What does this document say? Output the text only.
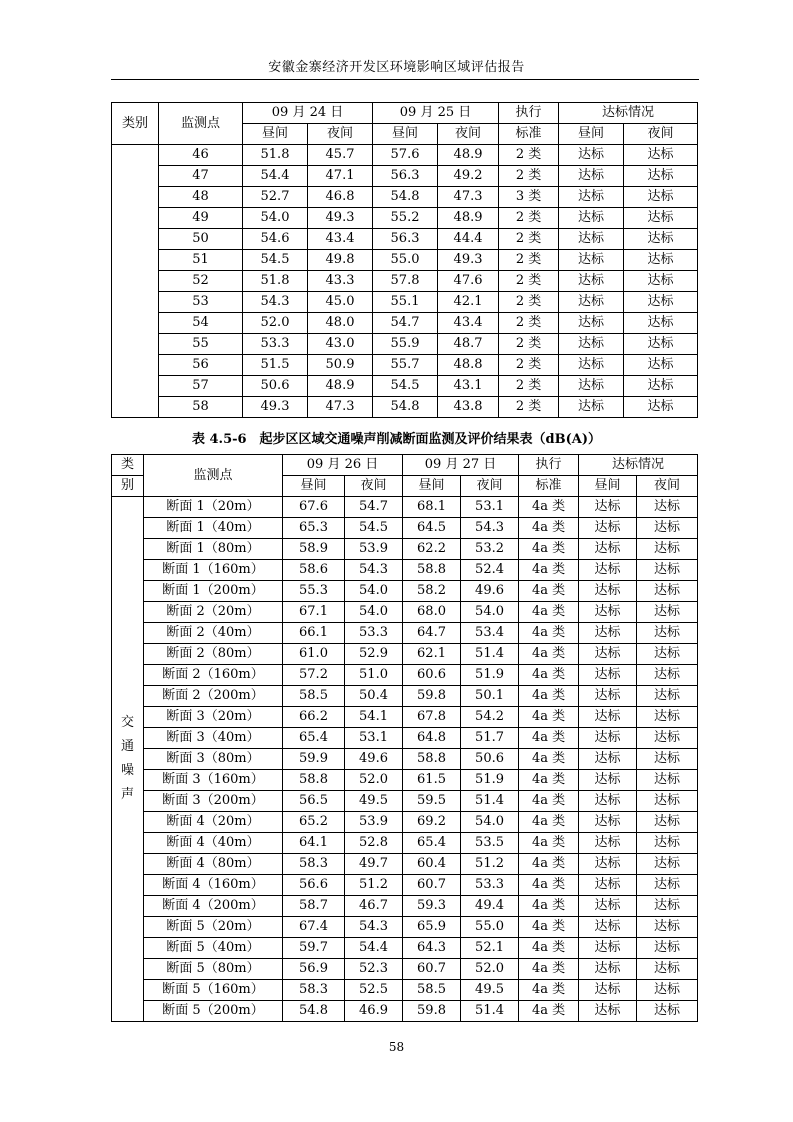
安徽金寨经济开发区环境影响区域评估报告
类别	监测点	09 月 24 日		09 月 25 日		执行	达标情况	
		昼间	夜间	昼间	夜间	标准	昼间	夜间
	46	51.8	45.7	57.6	48.9	2 类	达标	达标
	47	54.4	47.1	56.3	49.2	2 类	达标	达标
	48	52.7	46.8	54.8	47.3	3 类	达标	达标
	49	54.0	49.3	55.2	48.9	2 类	达标	达标
	50	54.6	43.4	56.3	44.4	2 类	达标	达标
	51	54.5	49.8	55.0	49.3	2 类	达标	达标
	52	51.8	43.3	57.8	47.6	2 类	达标	达标
	53	54.3	45.0	55.1	42.1	2 类	达标	达标
	54	52.0	48.0	54.7	43.4	2 类	达标	达标
	55	53.3	43.0	55.9	48.7	2 类	达标	达标
	56	51.5	50.9	55.7	48.8	2 类	达标	达标
	57	50.6	48.9	54.5	43.1	2 类	达标	达标
	58	49.3	47.3	54.8	43.8	2 类	达标	达标
表 4.5-6　起步区区域交通噪声削减断面监测及评价结果表（dB(A)）
类	监测点	09 月 26 日		09 月 27 日		执行	达标情况	
别		昼间	夜间	昼间	夜间	标准	昼间	夜间

交
通
噪
声	断面 1（20m）	67.6	54.7	68.1	53.1	4a 类	达标	达标
	断面 1（40m）	65.3	54.5	64.5	54.3	4a 类	达标	达标
	断面 1（80m）	58.9	53.9	62.2	53.2	4a 类	达标	达标
	断面 1（160m）	58.6	54.3	58.8	52.4	4a 类	达标	达标
	断面 1（200m）	55.3	54.0	58.2	49.6	4a 类	达标	达标
	断面 2（20m）	67.1	54.0	68.0	54.0	4a 类	达标	达标
	断面 2（40m）	66.1	53.3	64.7	53.4	4a 类	达标	达标
	断面 2（80m）	61.0	52.9	62.1	51.4	4a 类	达标	达标
	断面 2（160m）	57.2	51.0	60.6	51.9	4a 类	达标	达标
	断面 2（200m）	58.5	50.4	59.8	50.1	4a 类	达标	达标
	断面 3（20m）	66.2	54.1	67.8	54.2	4a 类	达标	达标
	断面 3（40m）	65.4	53.1	64.8	51.7	4a 类	达标	达标
	断面 3（80m）	59.9	49.6	58.8	50.6	4a 类	达标	达标
	断面 3（160m）	58.8	52.0	61.5	51.9	4a 类	达标	达标
	断面 3（200m）	56.5	49.5	59.5	51.4	4a 类	达标	达标
	断面 4（20m）	65.2	53.9	69.2	54.0	4a 类	达标	达标
	断面 4（40m）	64.1	52.8	65.4	53.5	4a 类	达标	达标
	断面 4（80m）	58.3	49.7	60.4	51.2	4a 类	达标	达标
	断面 4（160m）	56.6	51.2	60.7	53.3	4a 类	达标	达标
	断面 4（200m）	58.7	46.7	59.3	49.4	4a 类	达标	达标
	断面 5（20m）	67.4	54.3	65.9	55.0	4a 类	达标	达标
	断面 5（40m）	59.7	54.4	64.3	52.1	4a 类	达标	达标
	断面 5（80m）	56.9	52.3	60.7	52.0	4a 类	达标	达标
	断面 5（160m）	58.3	52.5	58.5	49.5	4a 类	达标	达标
	断面 5（200m）	54.8	46.9	59.8	51.4	4a 类	达标	达标
58
